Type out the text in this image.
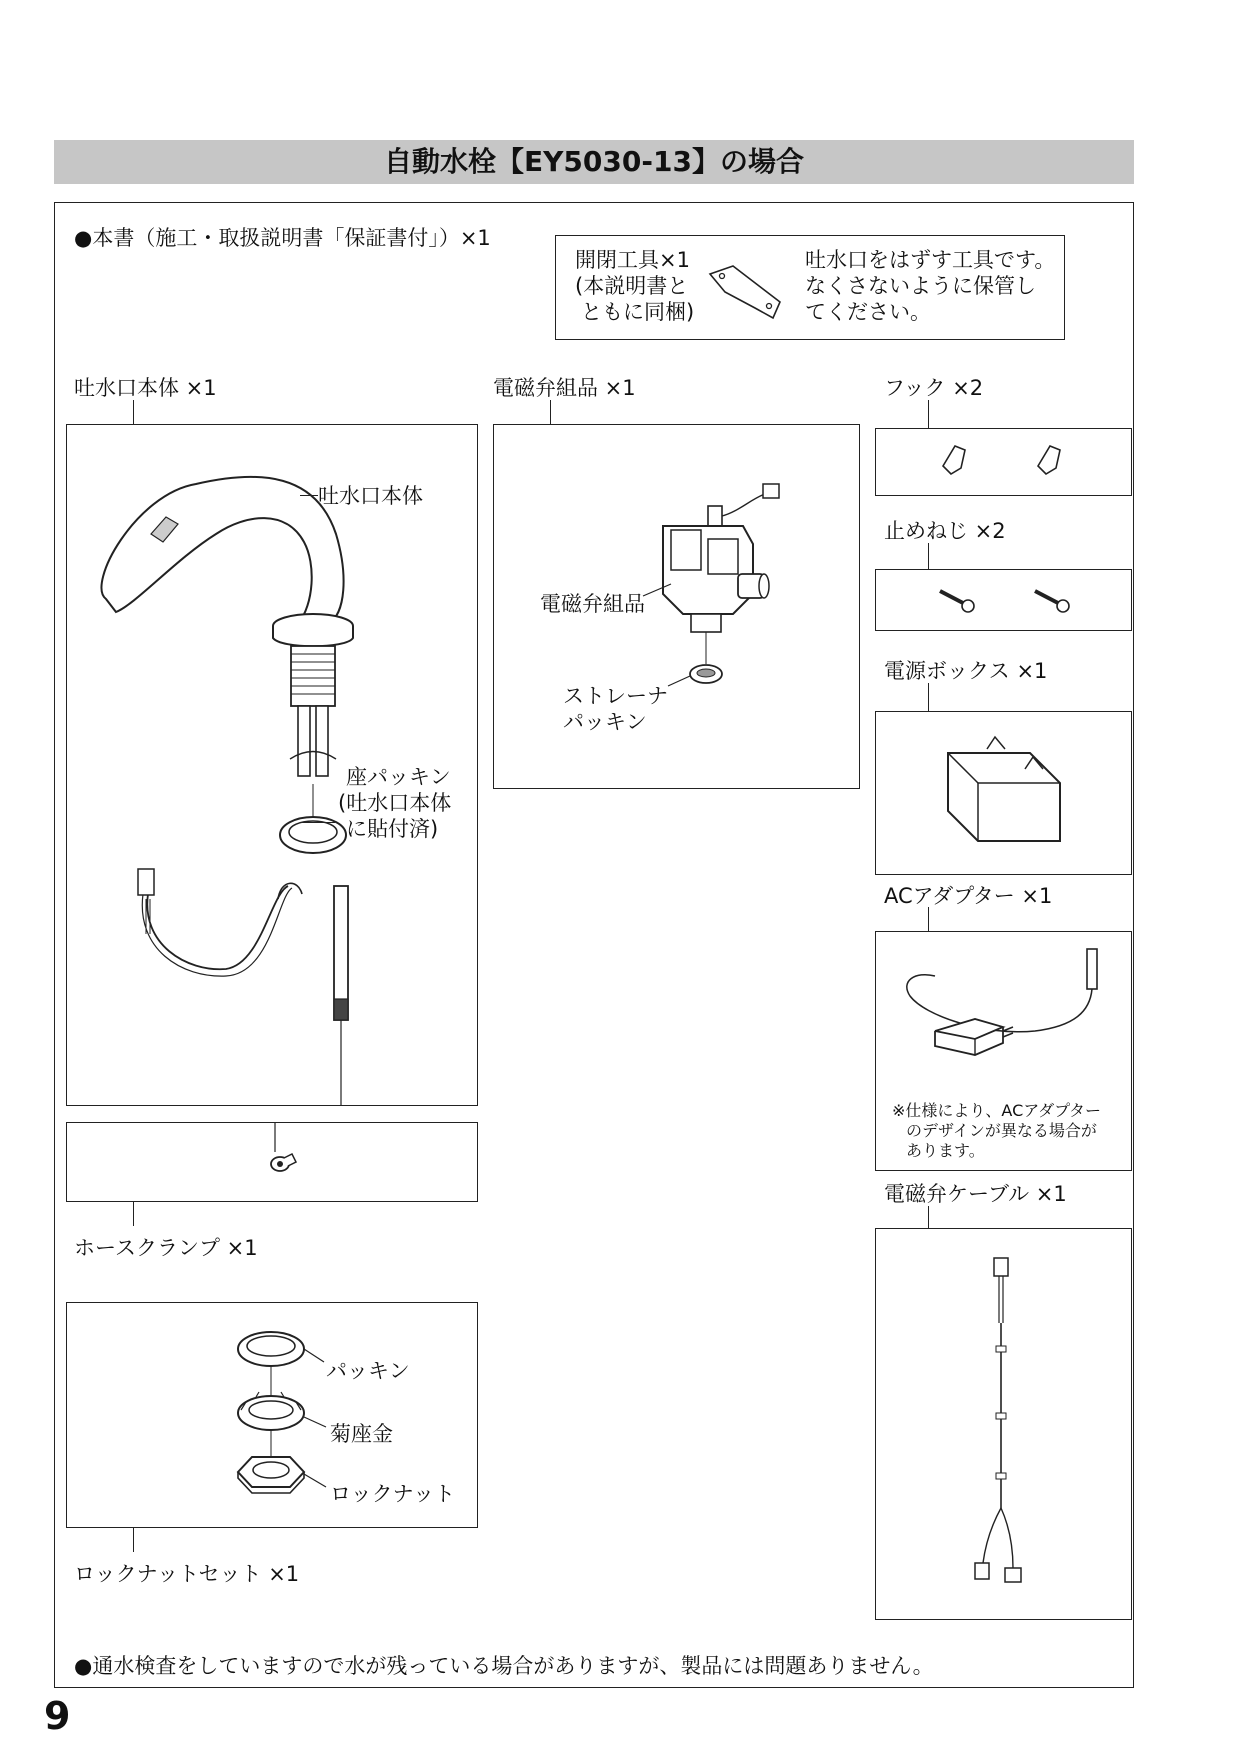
自動水栓【EY5030-13】の場合
●本書（施工・取扱説明書「保証書付」）×1
開閉工具×1
(本説明書と
ともに同梱)
吐水口をはずす工具です。
なくさないように保管し
てください。
吐水口本体 ×1
吐水口本体
座パッキン
(吐水口本体
に貼付済)
ホースクランプ ×1
パッキン
菊座金
ロックナット
ロックナットセット ×1
電磁弁組品 ×1
電磁弁組品
ストレーナ
パッキン
フック ×2
止めねじ ×2
電源ボックス ×1
ACアダプター ×1
※仕様により、ACアダプター
のデザインが異なる場合が
あります。
電磁弁ケーブル ×1
●通水検査をしていますので水が残っている場合がありますが、製品には問題ありません。
9
